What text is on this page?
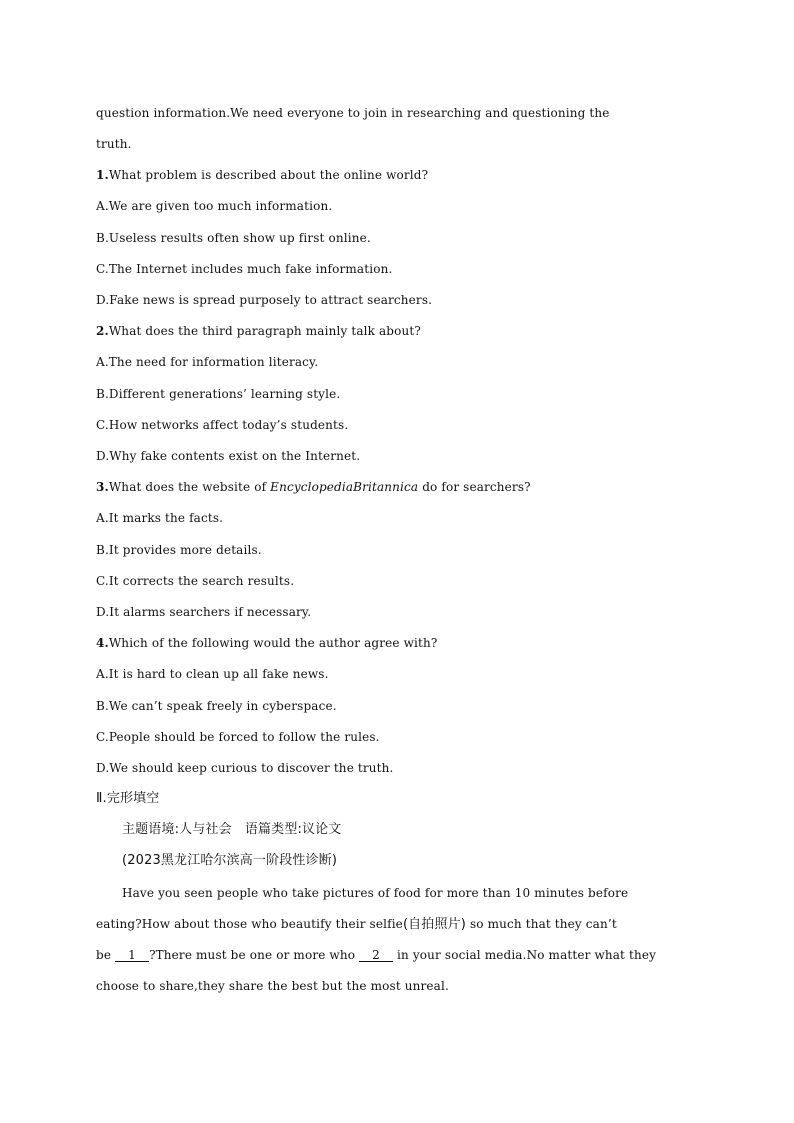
question information.We need everyone to join in researching and questioning the
truth.
1.What problem is described about the online world?
A.We are given too much information.
B.Useless results often show up first online.
C.The Internet includes much fake information.
D.Fake news is spread purposely to attract searchers.
2.What does the third paragraph mainly talk about?
A.The need for information literacy.
B.Different generations’ learning style.
C.How networks affect today’s students.
D.Why fake contents exist on the Internet.
3.What does the website of EncyclopediaBritannica do for searchers?
A.It marks the facts.
B.It provides more details.
C.It corrects the search results.
D.It alarms searchers if necessary.
4.Which of the following would the author agree with?
A.It is hard to clean up all fake news.
B.We can’t speak freely in cyberspace.
C.People should be forced to follow the rules.
D.We should keep curious to discover the truth.
Ⅱ.完形填空
主题语境:人与社会　语篇类型:议论文
(2023黑龙江哈尔滨高一阶段性诊断)
Have you seen people who take pictures of food for more than 10 minutes before
eating?How about those who beautify their selfie(自拍照片) so much that they can’t
be 1 ?There must be one or more who 2 in your social media.No matter what they
choose to share,they share the best but the most unreal.
